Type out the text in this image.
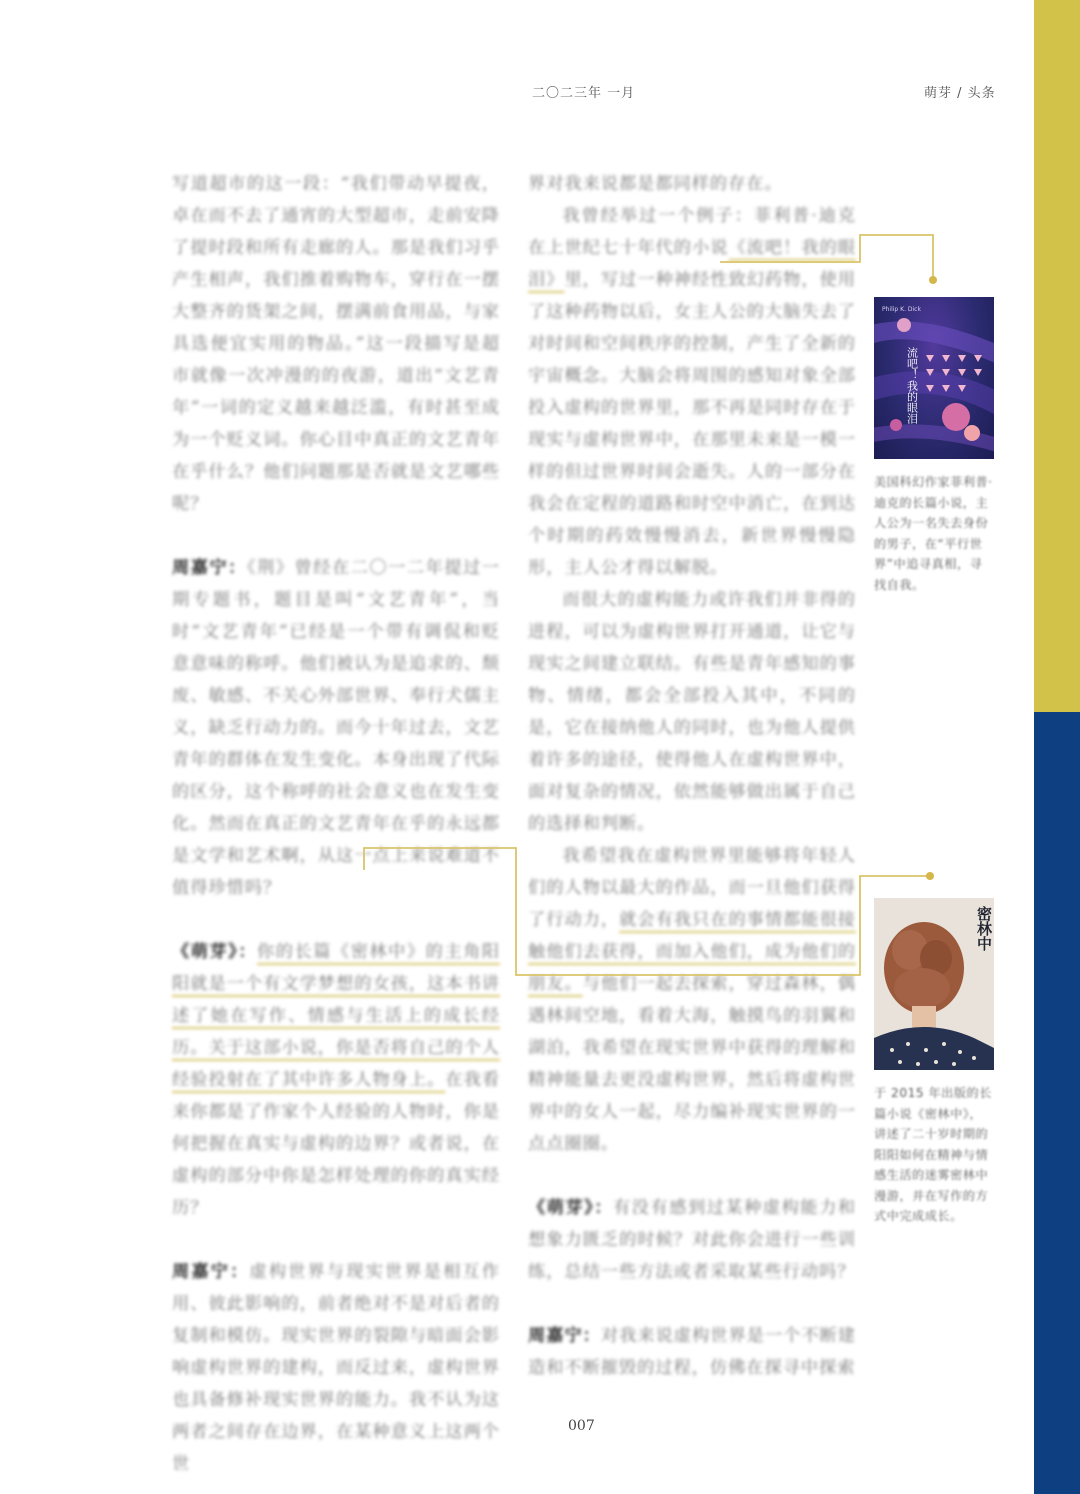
二〇二三年 一月	萌芽 / 头条

写道超市的这一段：“我们带动早提夜，卓在而不去了通宵的大型超市，走前安降了提时段和所有走廊的人。那是我们习乎产生相声，我们推着购物车，穿行在一摆大整齐的货架之间，摆满前食用品，与家具选便宜实用的物品。”这一段描写是超市就像一次冲漫的的夜游，道出“文艺青年”一词的定义越来越泛滥，有时甚至成为一个贬义词。你心目中真正的文艺青年在乎什么？他们问题那是否就是文艺哪些呢？

周嘉宁：《荆》曾经在二〇一二年提过一期专题书，题目是叫“文艺青年”，当时“文艺青年”已经是一个带有调侃和贬意意味的称呼。他们被认为是追求的、颓废、敏感、不关心外部世界、奉行犬儒主义，缺乏行动力的。而今十年过去，文艺青年的群体在发生变化。本身出现了代际的区分，这个称呼的社会意义也在发生变化。然而在真正的文艺青年在乎的永远都是文学和艺术啊，从这一点上来说难道不值得珍惜吗？

《萌芽》：你的长篇《密林中》的主角阳阳就是一个有文学梦想的女孩，这本书讲述了她在写作、情感与生活上的成长经历。关于这部小说，你是否将自己的个人经验投射在了其中许多人物身上。在我看来你都是了作家个人经验的人物时，你是何把握在真实与虚构的边界？或者说，在虚构的部分中你是怎样处理的你的真实经历？

周嘉宁：虚构世界与现实世界是相互作用、彼此影响的，前者绝对不是对后者的复制和模仿。现实世界的裂隙与暗面会影响虚构世界的建构，而反过来，虚构世界也具备修补现实世界的能力。我不认为这两者之间存在边界，在某种意义上这两个世

界对我来说都是都同样的存在。

我曾经举过一个例子：菲利普·迪克在上世纪七十年代的小说《流吧！我的眼泪》里，写过一种神经性致幻药物，使用了这种药物以后，女主人公的大脑失去了对时间和空间秩序的控制，产生了全新的宇宙概念。大脑会将周围的感知对象全部投入虚构的世界里，那不再是同时存在于现实与虚构世界中，在那里未来是一模一样的但过世界时间会逝失。人的一部分在我会在定程的道路和时空中消亡，在到达个时期的药效慢慢消去，新世界慢慢隐形，主人公才得以解脱。

而很大的虚构能力或许我们并非得的进程，可以为虚构世界打开通道，让它与现实之间建立联结。有些是青年感知的事物、情绪，都会全部投入其中，不同的是，它在接纳他人的同时，也为他人提供着许多的途径，使得他人在虚构世界中，面对复杂的情况，依然能够做出属于自己的选择和判断。

我希望我在虚构世界里能够将年轻人们的人物以最大的作品，而一旦他们获得了行动力，就会有我只在的事情都能很接触他们去获得，而加入他们，成为他们的朋友。与他们一起去探索，穿过森林，偶遇林间空地，看着大海，触摸鸟的羽翼和湖泊，我希望在现实世界中获得的理解和精神能量去更没虚构世界，然后将虚构世界中的女人一起，尽力编补现实世界的一点点圈圈。

《萌芽》：有没有感到过某种虚构能力和想象力匮乏的时候？对此你会进行一些训练，总结一些方法或者采取某些行动吗？

周嘉宁：对我来说虚构世界是一个不断建造和不断摧毁的过程，仿佛在探寻中探索

Philip K. Dick
流吧！我的眼泪
密林中

美国科幻作家菲利普·迪克的长篇小说，主人公为一名失去身份的男子，在“平行世界”中追寻真相，寻找自我。

于 2015 年出版的长篇小说《密林中》，讲述了二十岁时期的阳阳如何在精神与情感生活的迷雾密林中漫游，并在写作的方式中完成成长。

007
